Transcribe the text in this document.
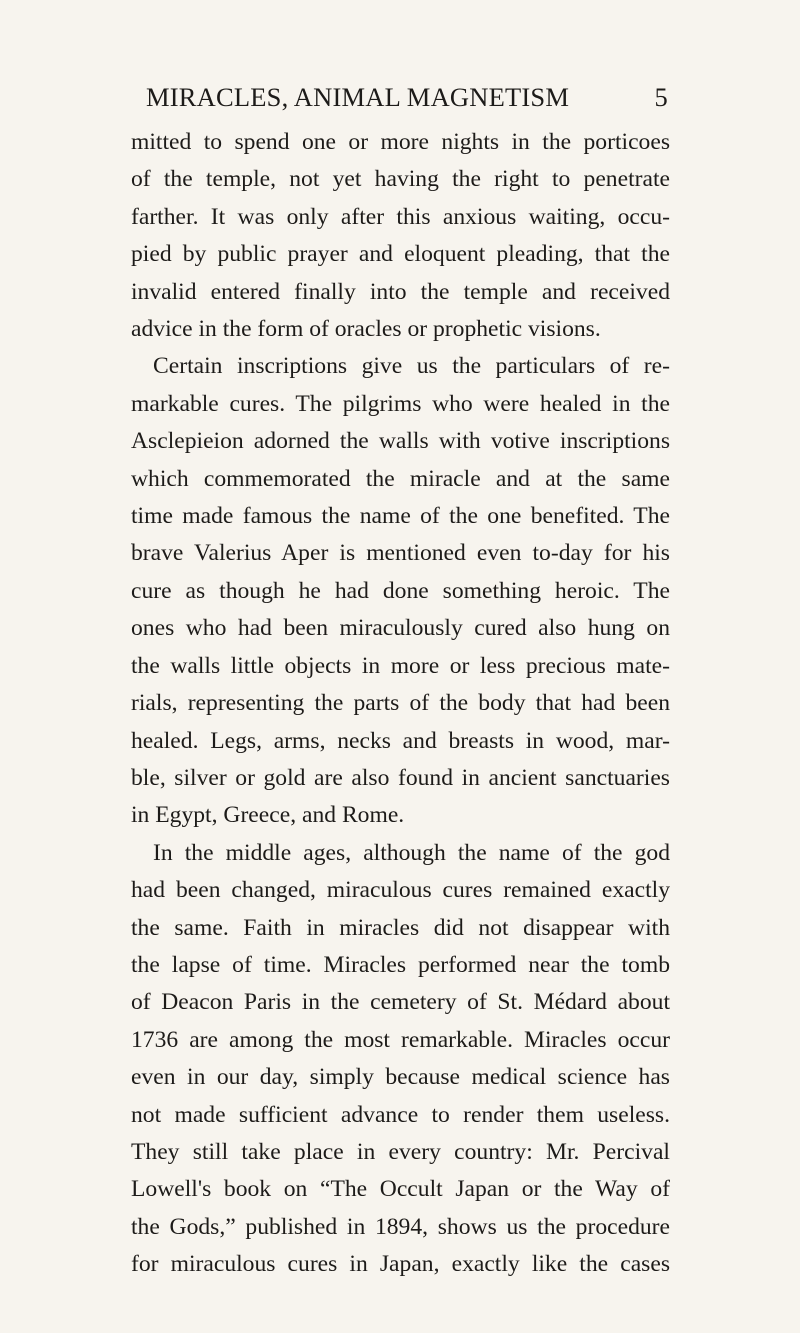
MIRACLES, ANIMAL MAGNETISM	5
mitted to spend one or more nights in the porticoes
of the temple, not yet having the right to penetrate
farther. It was only after this anxious waiting, occu-
pied by public prayer and eloquent pleading, that the
invalid entered finally into the temple and received
advice in the form of oracles or prophetic visions.
Certain inscriptions give us the particulars of re-
markable cures. The pilgrims who were healed in the
Asclepieion adorned the walls with votive inscriptions
which commemorated the miracle and at the same
time made famous the name of the one benefited. The
brave Valerius Aper is mentioned even to-day for his
cure as though he had done something heroic. The
ones who had been miraculously cured also hung on
the walls little objects in more or less precious mate-
rials, representing the parts of the body that had been
healed. Legs, arms, necks and breasts in wood, mar-
ble, silver or gold are also found in ancient sanctuaries
in Egypt, Greece, and Rome.
In the middle ages, although the name of the god
had been changed, miraculous cures remained exactly
the same. Faith in miracles did not disappear with
the lapse of time. Miracles performed near the tomb
of Deacon Paris in the cemetery of St. Médard about
1736 are among the most remarkable. Miracles occur
even in our day, simply because medical science has
not made sufficient advance to render them useless.
They still take place in every country: Mr. Percival
Lowell's book on “The Occult Japan or the Way of
the Gods,” published in 1894, shows us the procedure
for miraculous cures in Japan, exactly like the cases
